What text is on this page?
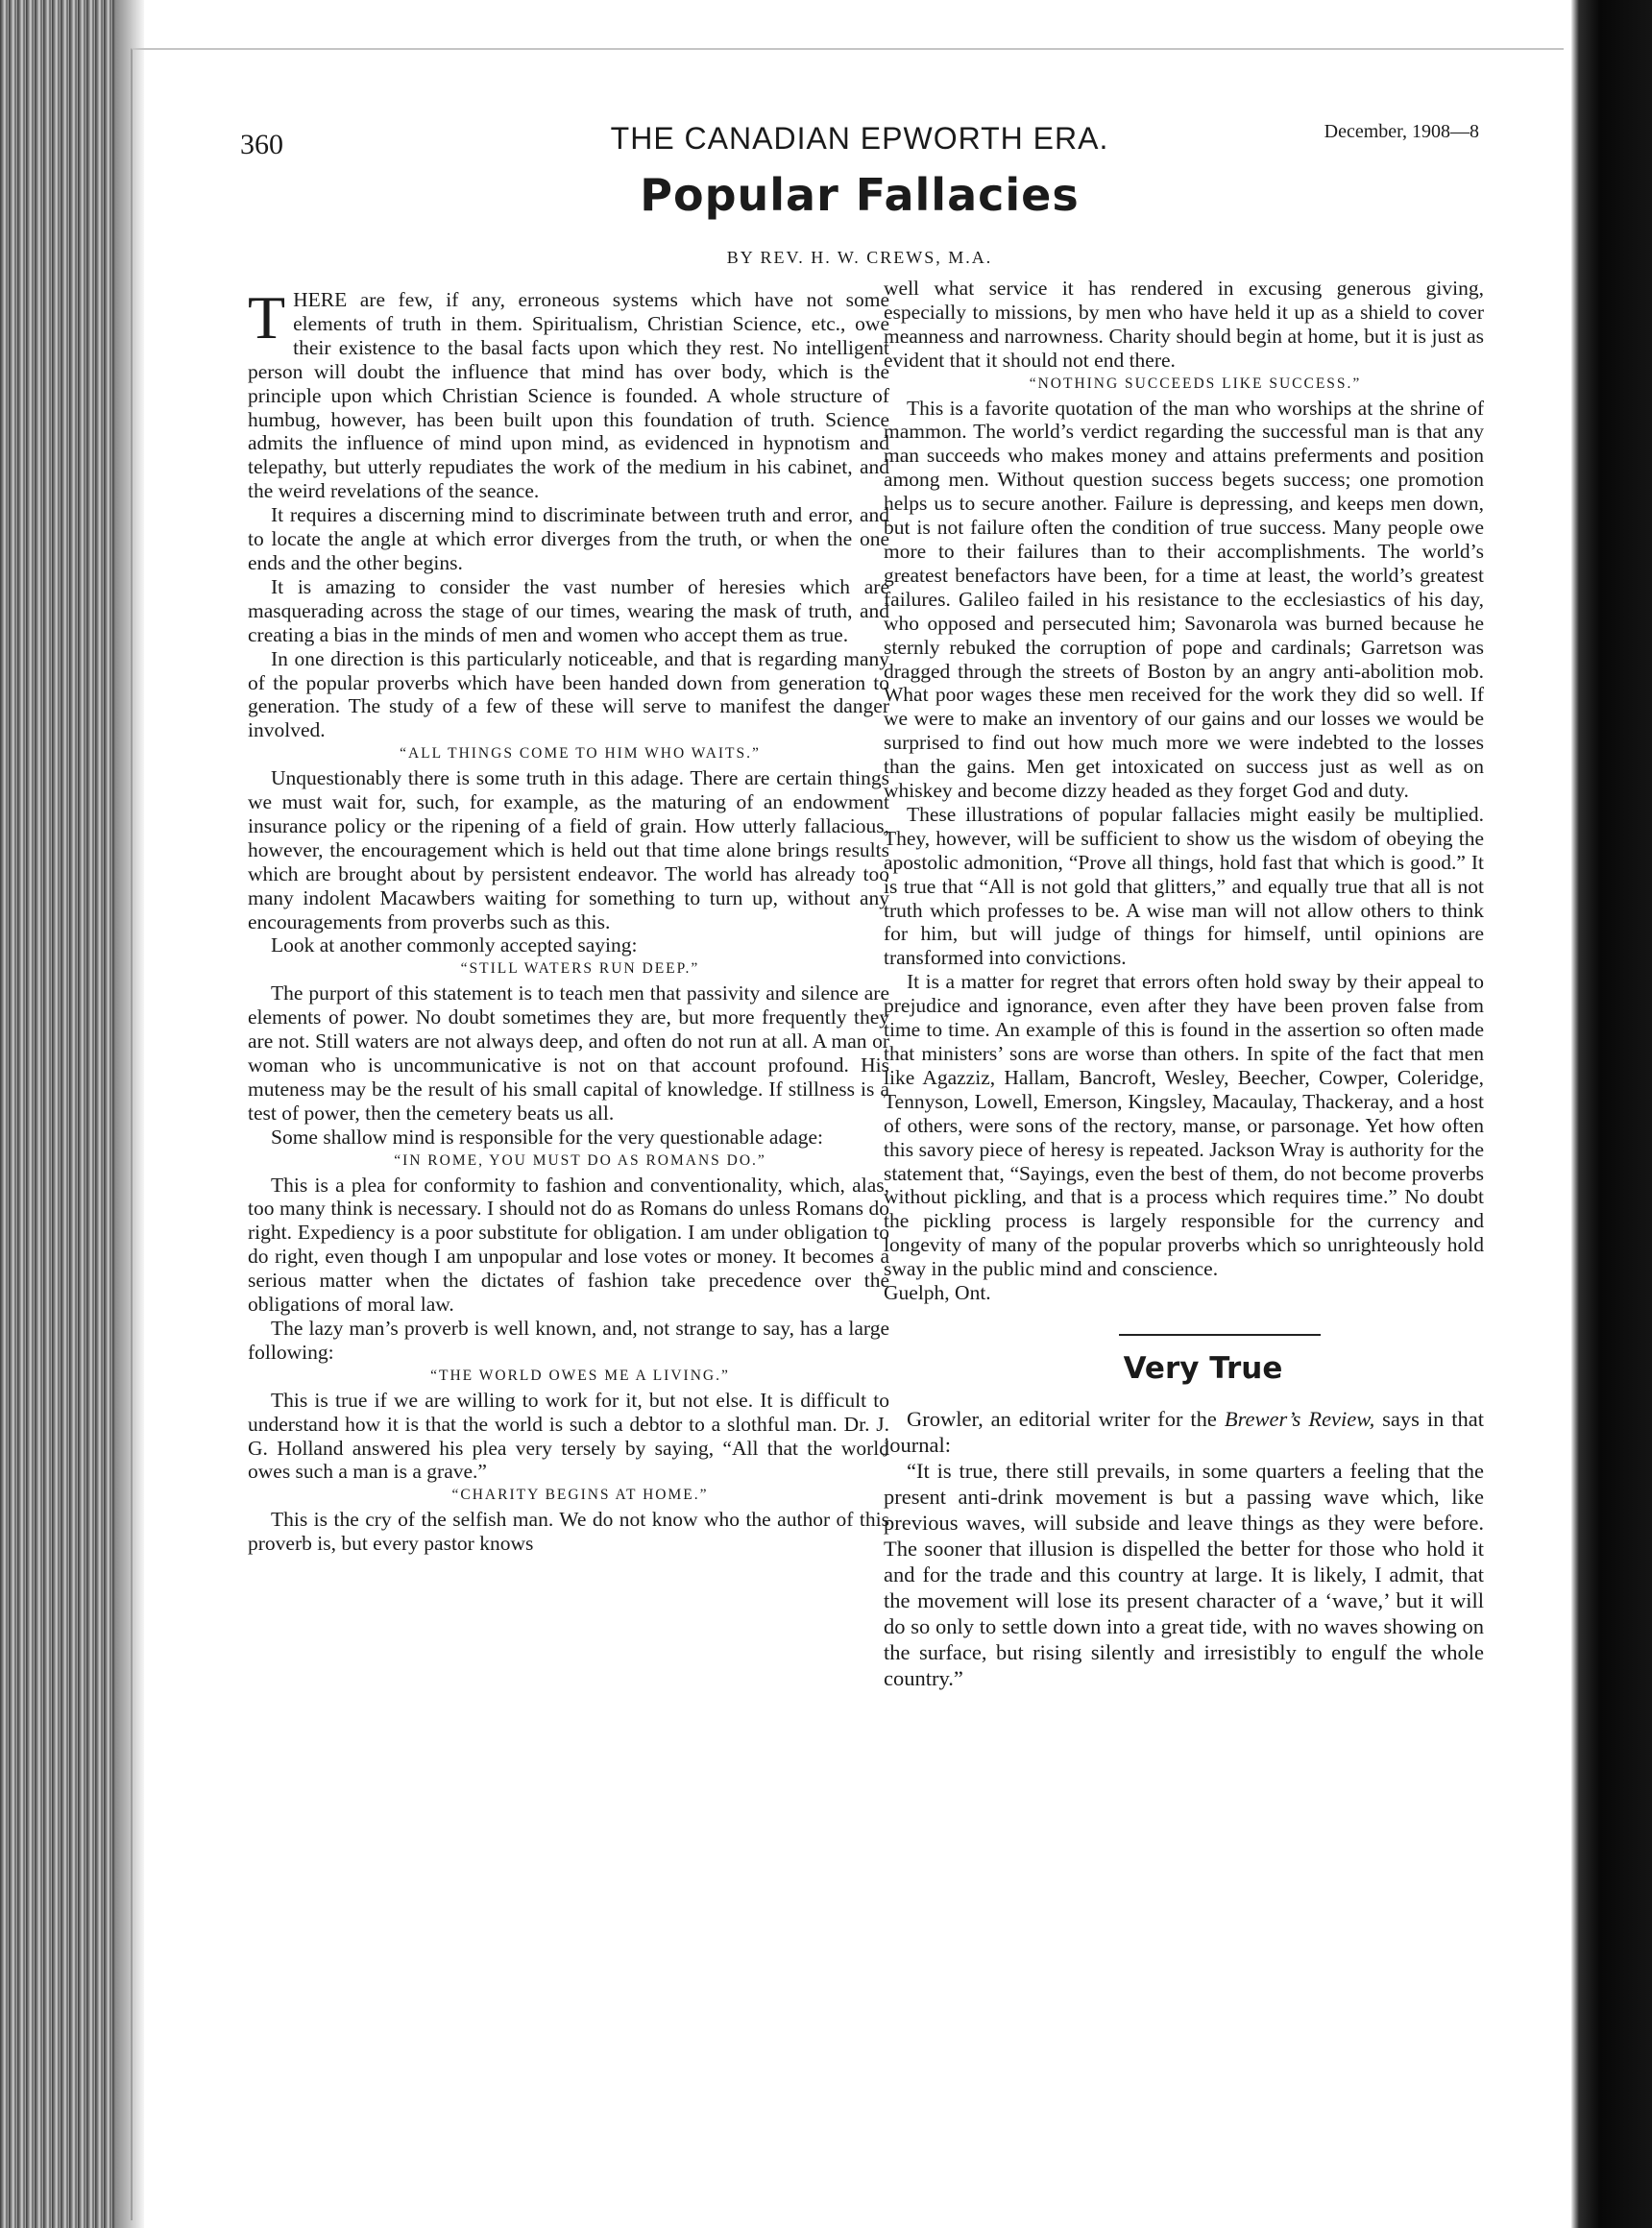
360	THE CANADIAN EPWORTH ERA.	December, 1908—8
Popular Fallacies
BY REV. H. W. CREWS, M.A.

THERE are few, if any, erroneous systems which have not some elements of truth in them. Spiritualism, Christian Science, etc., owe their existence to the basal facts upon which they rest. No intelligent person will doubt the influence that mind has over body, which is the principle upon which Christian Science is founded. A whole structure of humbug, however, has been built upon this foundation of truth. Science admits the influence of mind upon mind, as evidenced in hypnotism and telepathy, but utterly repudiates the work of the medium in his cabinet, and the weird revelations of the seance.

It requires a discerning mind to discriminate between truth and error, and to locate the angle at which error diverges from the truth, or when the one ends and the other begins.

It is amazing to consider the vast number of heresies which are masquerading across the stage of our times, wearing the mask of truth, and creating a bias in the minds of men and women who accept them as true.

In one direction is this particularly noticeable, and that is regarding many of the popular proverbs which have been handed down from generation to generation. The study of a few of these will serve to manifest the danger involved.

“ALL THINGS COME TO HIM WHO WAITS.”

Unquestionably there is some truth in this adage. There are certain things we must wait for, such, for example, as the maturing of an endowment insurance policy or the ripening of a field of grain. How utterly fallacious, however, the encouragement which is held out that time alone brings results which are brought about by persistent endeavor. The world has already too many indolent Macawbers waiting for something to turn up, without any encouragements from proverbs such as this.

Look at another commonly accepted saying:

“STILL WATERS RUN DEEP.”

The purport of this statement is to teach men that passivity and silence are elements of power. No doubt sometimes they are, but more frequently they are not. Still waters are not always deep, and often do not run at all. A man or woman who is uncommunicative is not on that account profound. His muteness may be the result of his small capital of knowledge. If stillness is a test of power, then the cemetery beats us all.

Some shallow mind is responsible for the very questionable adage:

“IN ROME, YOU MUST DO AS ROMANS DO.”

This is a plea for conformity to fashion and conventionality, which, alas, too many think is necessary. I should not do as Romans do unless Romans do right. Expediency is a poor substitute for obligation. I am under obligation to do right, even though I am unpopular and lose votes or money. It becomes a serious matter when the dictates of fashion take precedence over the obligations of moral law.

The lazy man’s proverb is well known, and, not strange to say, has a large following:

“THE WORLD OWES ME A LIVING.”

This is true if we are willing to work for it, but not else. It is difficult to understand how it is that the world is such a debtor to a slothful man. Dr. J. G. Holland answered his plea very tersely by saying, “All that the world owes such a man is a grave.”

“CHARITY BEGINS AT HOME.”

This is the cry of the selfish man. We do not know who the author of this proverb is, but every pastor knows

well what service it has rendered in excusing generous giving, especially to missions, by men who have held it up as a shield to cover meanness and narrowness. Charity should begin at home, but it is just as evident that it should not end there.

“NOTHING SUCCEEDS LIKE SUCCESS.”

This is a favorite quotation of the man who worships at the shrine of mammon. The world’s verdict regarding the successful man is that any man succeeds who makes money and attains preferments and position among men. Without question success begets success; one promotion helps us to secure another. Failure is depressing, and keeps men down, but is not failure often the condition of true success. Many people owe more to their failures than to their accomplishments. The world’s greatest benefactors have been, for a time at least, the world’s greatest failures. Galileo failed in his resistance to the ecclesiastics of his day, who opposed and persecuted him; Savonarola was burned because he sternly rebuked the corruption of pope and cardinals; Garretson was dragged through the streets of Boston by an angry anti-abolition mob. What poor wages these men received for the work they did so well. If we were to make an inventory of our gains and our losses we would be surprised to find out how much more we were indebted to the losses than the gains. Men get intoxicated on success just as well as on whiskey and become dizzy headed as they forget God and duty.

These illustrations of popular fallacies might easily be multiplied. They, however, will be sufficient to show us the wisdom of obeying the apostolic admonition, “Prove all things, hold fast that which is good.” It is true that “All is not gold that glitters,” and equally true that all is not truth which professes to be. A wise man will not allow others to think for him, but will judge of things for himself, until opinions are transformed into convictions.

It is a matter for regret that errors often hold sway by their appeal to prejudice and ignorance, even after they have been proven false from time to time. An example of this is found in the assertion so often made that ministers’ sons are worse than others. In spite of the fact that men like Agazziz, Hallam, Bancroft, Wesley, Beecher, Cowper, Coleridge, Tennyson, Lowell, Emerson, Kingsley, Macaulay, Thackeray, and a host of others, were sons of the rectory, manse, or parsonage. Yet how often this savory piece of heresy is repeated. Jackson Wray is authority for the statement that, “Sayings, even the best of them, do not become proverbs without pickling, and that is a process which requires time.” No doubt the pickling process is largely responsible for the currency and longevity of many of the popular proverbs which so unrighteously hold sway in the public mind and conscience.

Guelph, Ont.

Very True

Growler, an editorial writer for the Brewer’s Review, says in that journal:

“It is true, there still prevails, in some quarters a feeling that the present anti-drink movement is but a passing wave which, like previous waves, will subside and leave things as they were before. The sooner that illusion is dispelled the better for those who hold it and for the trade and this country at large. It is likely, I admit, that the movement will lose its present character of a ‘wave,’ but it will do so only to settle down into a great tide, with no waves showing on the surface, but rising silently and irresistibly to engulf the whole country.”
